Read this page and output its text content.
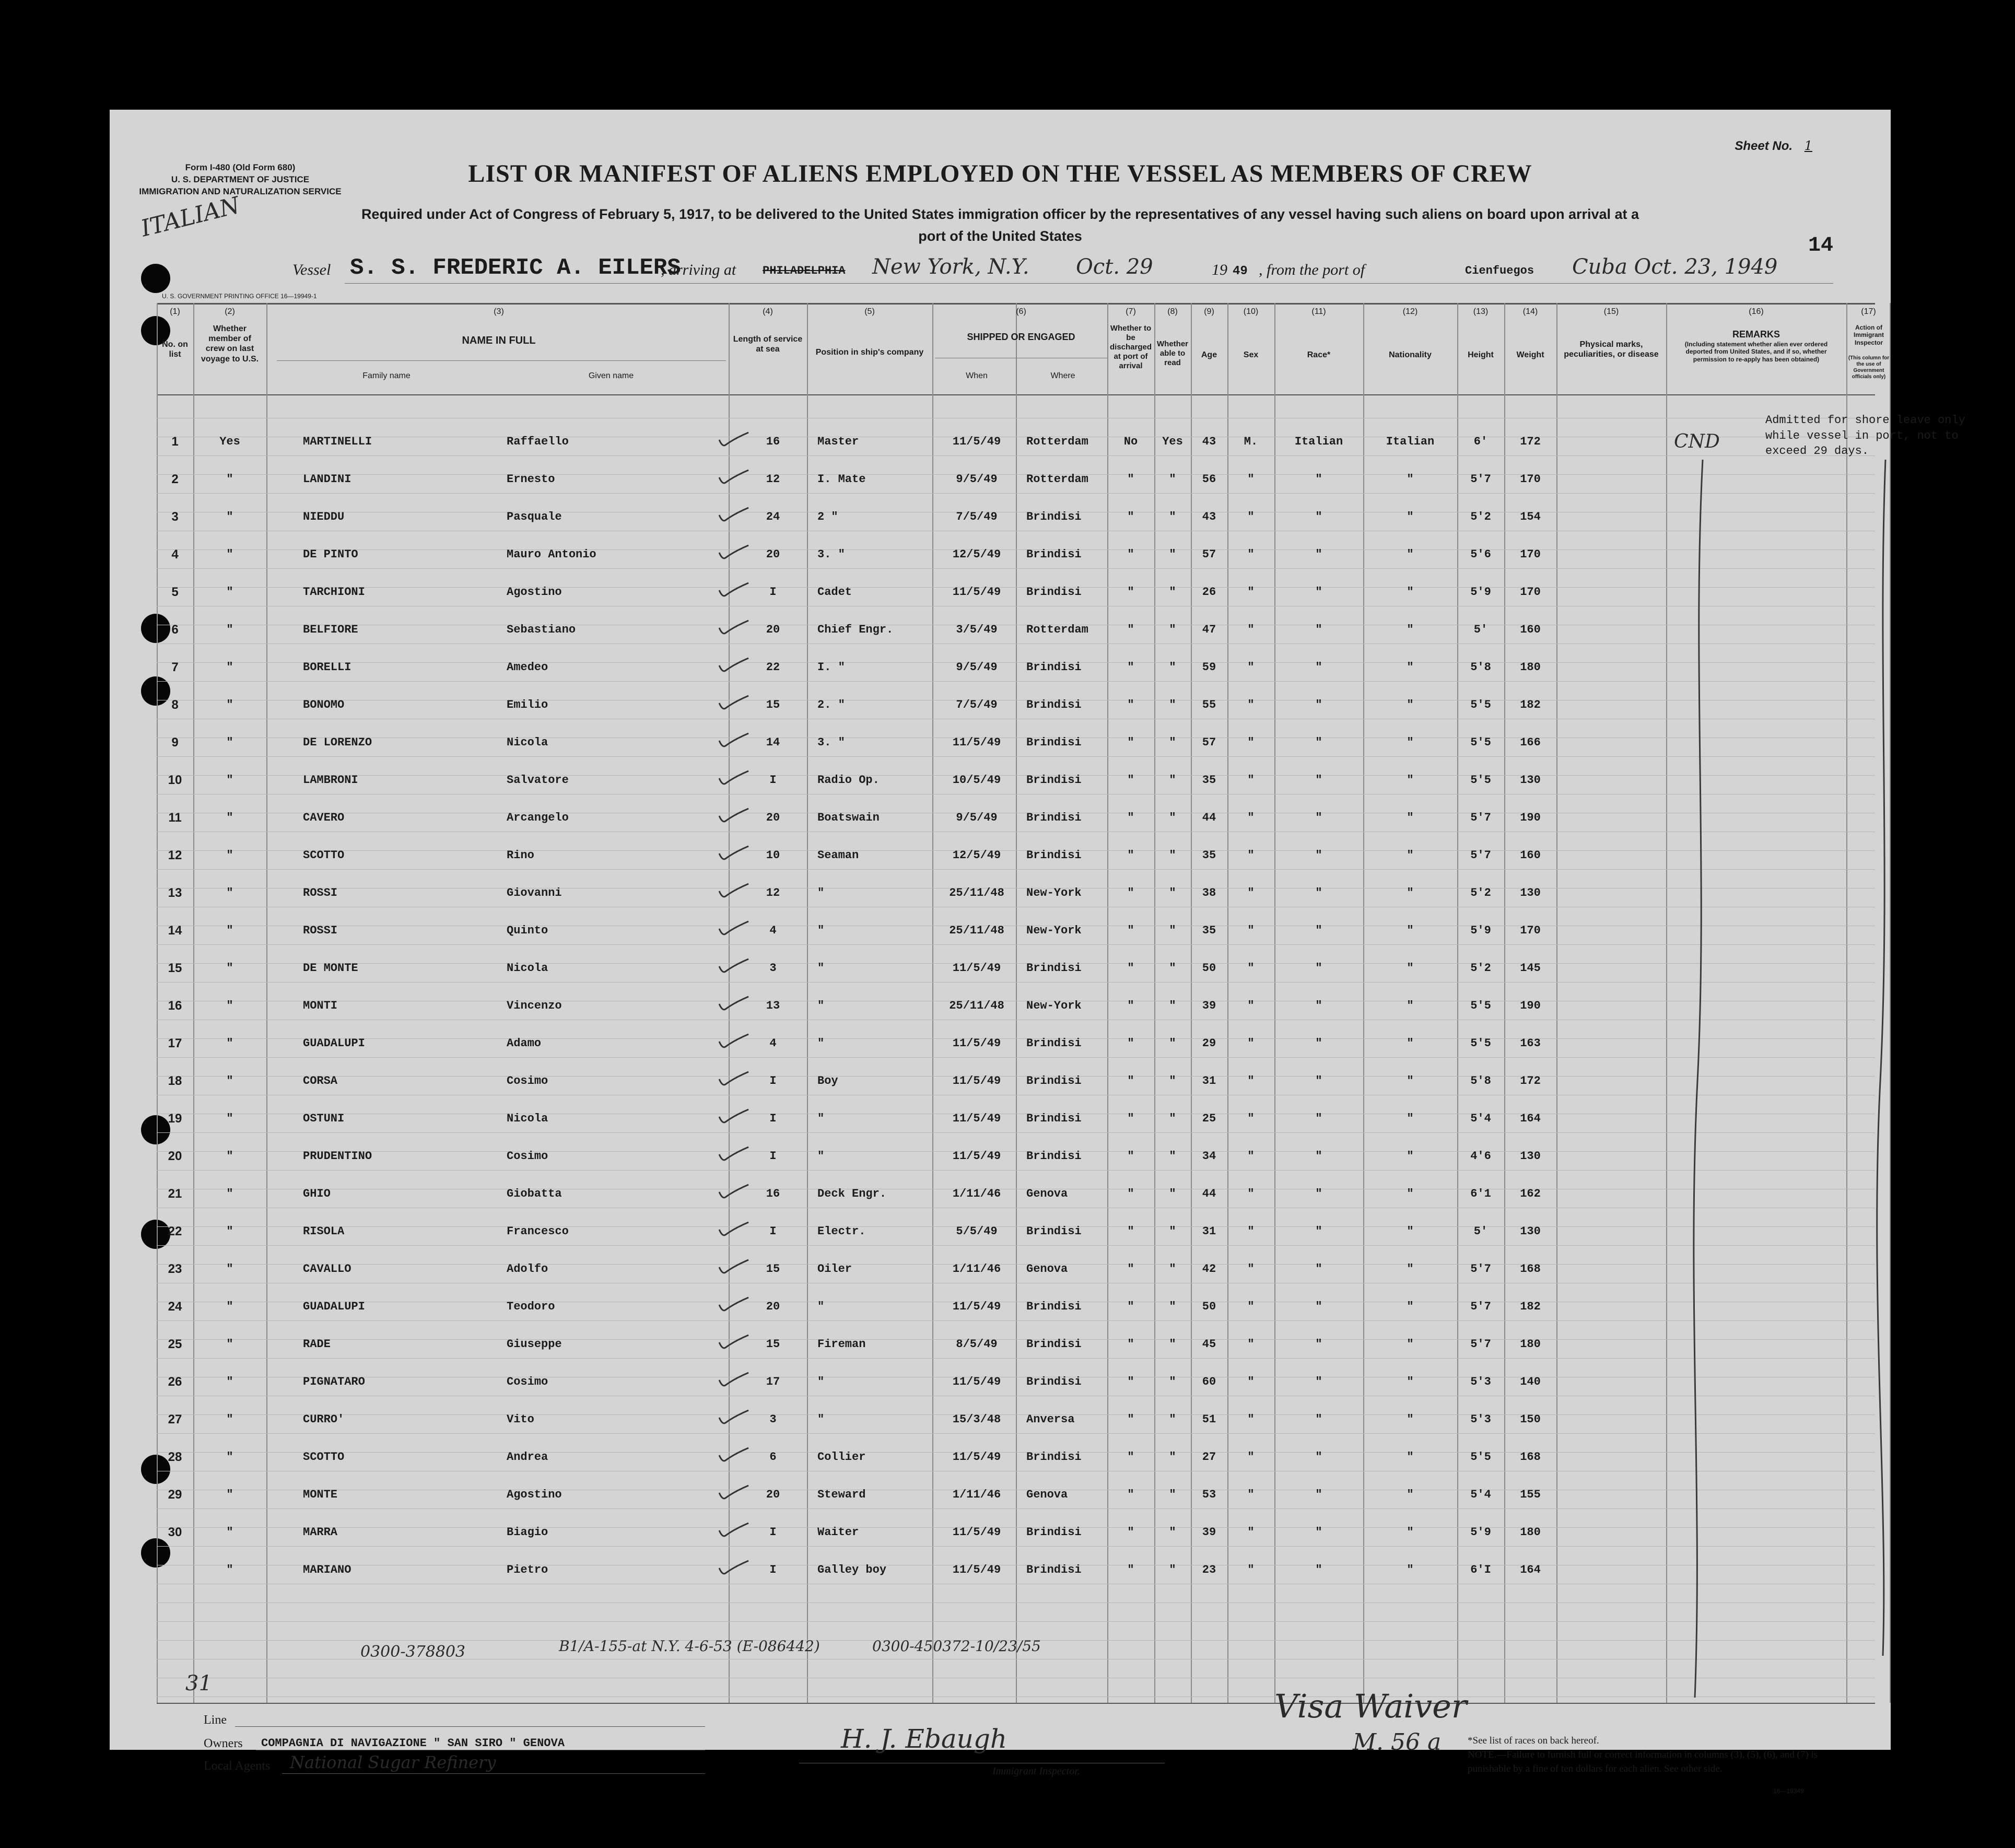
Form I-480 (Old Form 680)
U. S. DEPARTMENT OF JUSTICE
IMMIGRATION AND NATURALIZATION SERVICE
Sheet No. 1
LIST OR MANIFEST OF ALIENS EMPLOYED ON THE VESSEL AS MEMBERS OF CREW
Required under Act of Congress of February 5, 1917, to be delivered to the United States immigration officer by the representatives of any vessel having such aliens on board upon arrival at a
port of the United States
ITALIAN
14
Vessel S. S. FREDERIC A. EILERS
, arriving at PHILADELPHIA New York, N.Y. Oct. 29	19 49 , from the port of	Cienfuegos Cuba Oct. 23, 1949
U. S. GOVERNMENT PRINTING OFFICE 16—19949-1
(1)	(2)	(3)	(4)	(5)	(6)	(7)	(8)	(9)	(10)	(11)	(12)	(13)	(14)	(15)	(16)	(17)
No. on list
Whether member of crew on last voyage to U.S.
NAME IN FULL
Family name	Given name
Length of service at sea	Position in ship's company
SHIPPED OR ENGAGED
When	Where
Whether to be discharged at port of arrival
Whether able to read
Age	Sex	Race*	Nationality	Height	Weight
Physical marks, peculiarities, or disease
REMARKS
(Including statement whether alien ever ordered deported from United States, and if so, whether permission to re-apply has been obtained)
Action of Immigrant Inspector
(This column for the use of Government officials only)
1	Yes	MARTINELLI	Raffaello	16	Master	11/5/49	Rotterdam	No	Yes	43	M.	Italian	Italian	6'	172
2	"	LANDINI	Ernesto	12	I. Mate	9/5/49	Rotterdam	"	"	56	"	"	"	5'7	170
3	"	NIEDDU	Pasquale	24	2 "	7/5/49	Brindisi	"	"	43	"	"	"	5'2	154
4	"	DE PINTO	Mauro Antonio	20	3. "	12/5/49	Brindisi	"	"	57	"	"	"	5'6	170
5	"	TARCHIONI	Agostino	I	Cadet	11/5/49	Brindisi	"	"	26	"	"	"	5'9	170
6	"	BELFIORE	Sebastiano	20	Chief Engr.	3/5/49	Rotterdam	"	"	47	"	"	"	5'	160
7	"	BORELLI	Amedeo	22	I. "	9/5/49	Brindisi	"	"	59	"	"	"	5'8	180
8	"	BONOMO	Emilio	15	2. "	7/5/49	Brindisi	"	"	55	"	"	"	5'5	182
9	"	DE LORENZO	Nicola	14	3. "	11/5/49	Brindisi	"	"	57	"	"	"	5'5	166
10	"	LAMBRONI	Salvatore	I	Radio Op.	10/5/49	Brindisi	"	"	35	"	"	"	5'5	130
11	"	CAVERO	Arcangelo	20	Boatswain	9/5/49	Brindisi	"	"	44	"	"	"	5'7	190
12	"	SCOTTO	Rino	10	Seaman	12/5/49	Brindisi	"	"	35	"	"	"	5'7	160
13	"	ROSSI	Giovanni	12	"	25/11/48	New-York	"	"	38	"	"	"	5'2	130
14	"	ROSSI	Quinto	4	"	25/11/48	New-York	"	"	35	"	"	"	5'9	170
15	"	DE MONTE	Nicola	3	"	11/5/49	Brindisi	"	"	50	"	"	"	5'2	145
16	"	MONTI	Vincenzo	13	"	25/11/48	New-York	"	"	39	"	"	"	5'5	190
17	"	GUADALUPI	Adamo	4	"	11/5/49	Brindisi	"	"	29	"	"	"	5'5	163
18	"	CORSA	Cosimo	I	Boy	11/5/49	Brindisi	"	"	31	"	"	"	5'8	172
19	"	OSTUNI	Nicola	I	"	11/5/49	Brindisi	"	"	25	"	"	"	5'4	164
20	"	PRUDENTINO	Cosimo	I	"	11/5/49	Brindisi	"	"	34	"	"	"	4'6	130
21	"	GHIO	Giobatta	16	Deck Engr.	1/11/46	Genova	"	"	44	"	"	"	6'1	162
22	"	RISOLA	Francesco	I	Electr.	5/5/49	Brindisi	"	"	31	"	"	"	5'	130
23	"	CAVALLO	Adolfo	15	Oiler	1/11/46	Genova	"	"	42	"	"	"	5'7	168
24	"	GUADALUPI	Teodoro	20	"	11/5/49	Brindisi	"	"	50	"	"	"	5'7	182
25	"	RADE	Giuseppe	15	Fireman	8/5/49	Brindisi	"	"	45	"	"	"	5'7	180
26	"	PIGNATARO	Cosimo	17	"	11/5/49	Brindisi	"	"	60	"	"	"	5'3	140
27	"	CURRO'	Vito	3	"	15/3/48	Anversa	"	"	51	"	"	"	5'3	150
28	"	SCOTTO	Andrea	6	Collier	11/5/49	Brindisi	"	"	27	"	"	"	5'5	168
29	"	MONTE	Agostino	20	Steward	1/11/46	Genova	"	"	53	"	"	"	5'4	155
30	"	MARRA	Biagio	I	Waiter	11/5/49	Brindisi	"	"	39	"	"	"	5'9	180
"	MARIANO	Pietro	I	Galley boy	11/5/49	Brindisi	"	"	23	"	"	"	6'I	164
Admitted for shore leave only while vessel in port, not to exceed 29 days.
CND
0300-378803	B1/A-155-at N.Y. 4-6-53 (E-086442)	0300-450372-10/23/55
31
Line
Owners COMPAGNIA DI NAVIGAZIONE " SAN SIRO " GENOVA
Local Agents National Sugar Refinery
H. J. Ebaugh
Immigrant Inspector.
Visa Waiver
M. 56 a	*See list of races on back hereof.
NOTE.—Failure to furnish full or correct information in columns (3), (5), (6), and (7) is punishable by a fine of ten dollars for each alien. See other side.
16—19349
